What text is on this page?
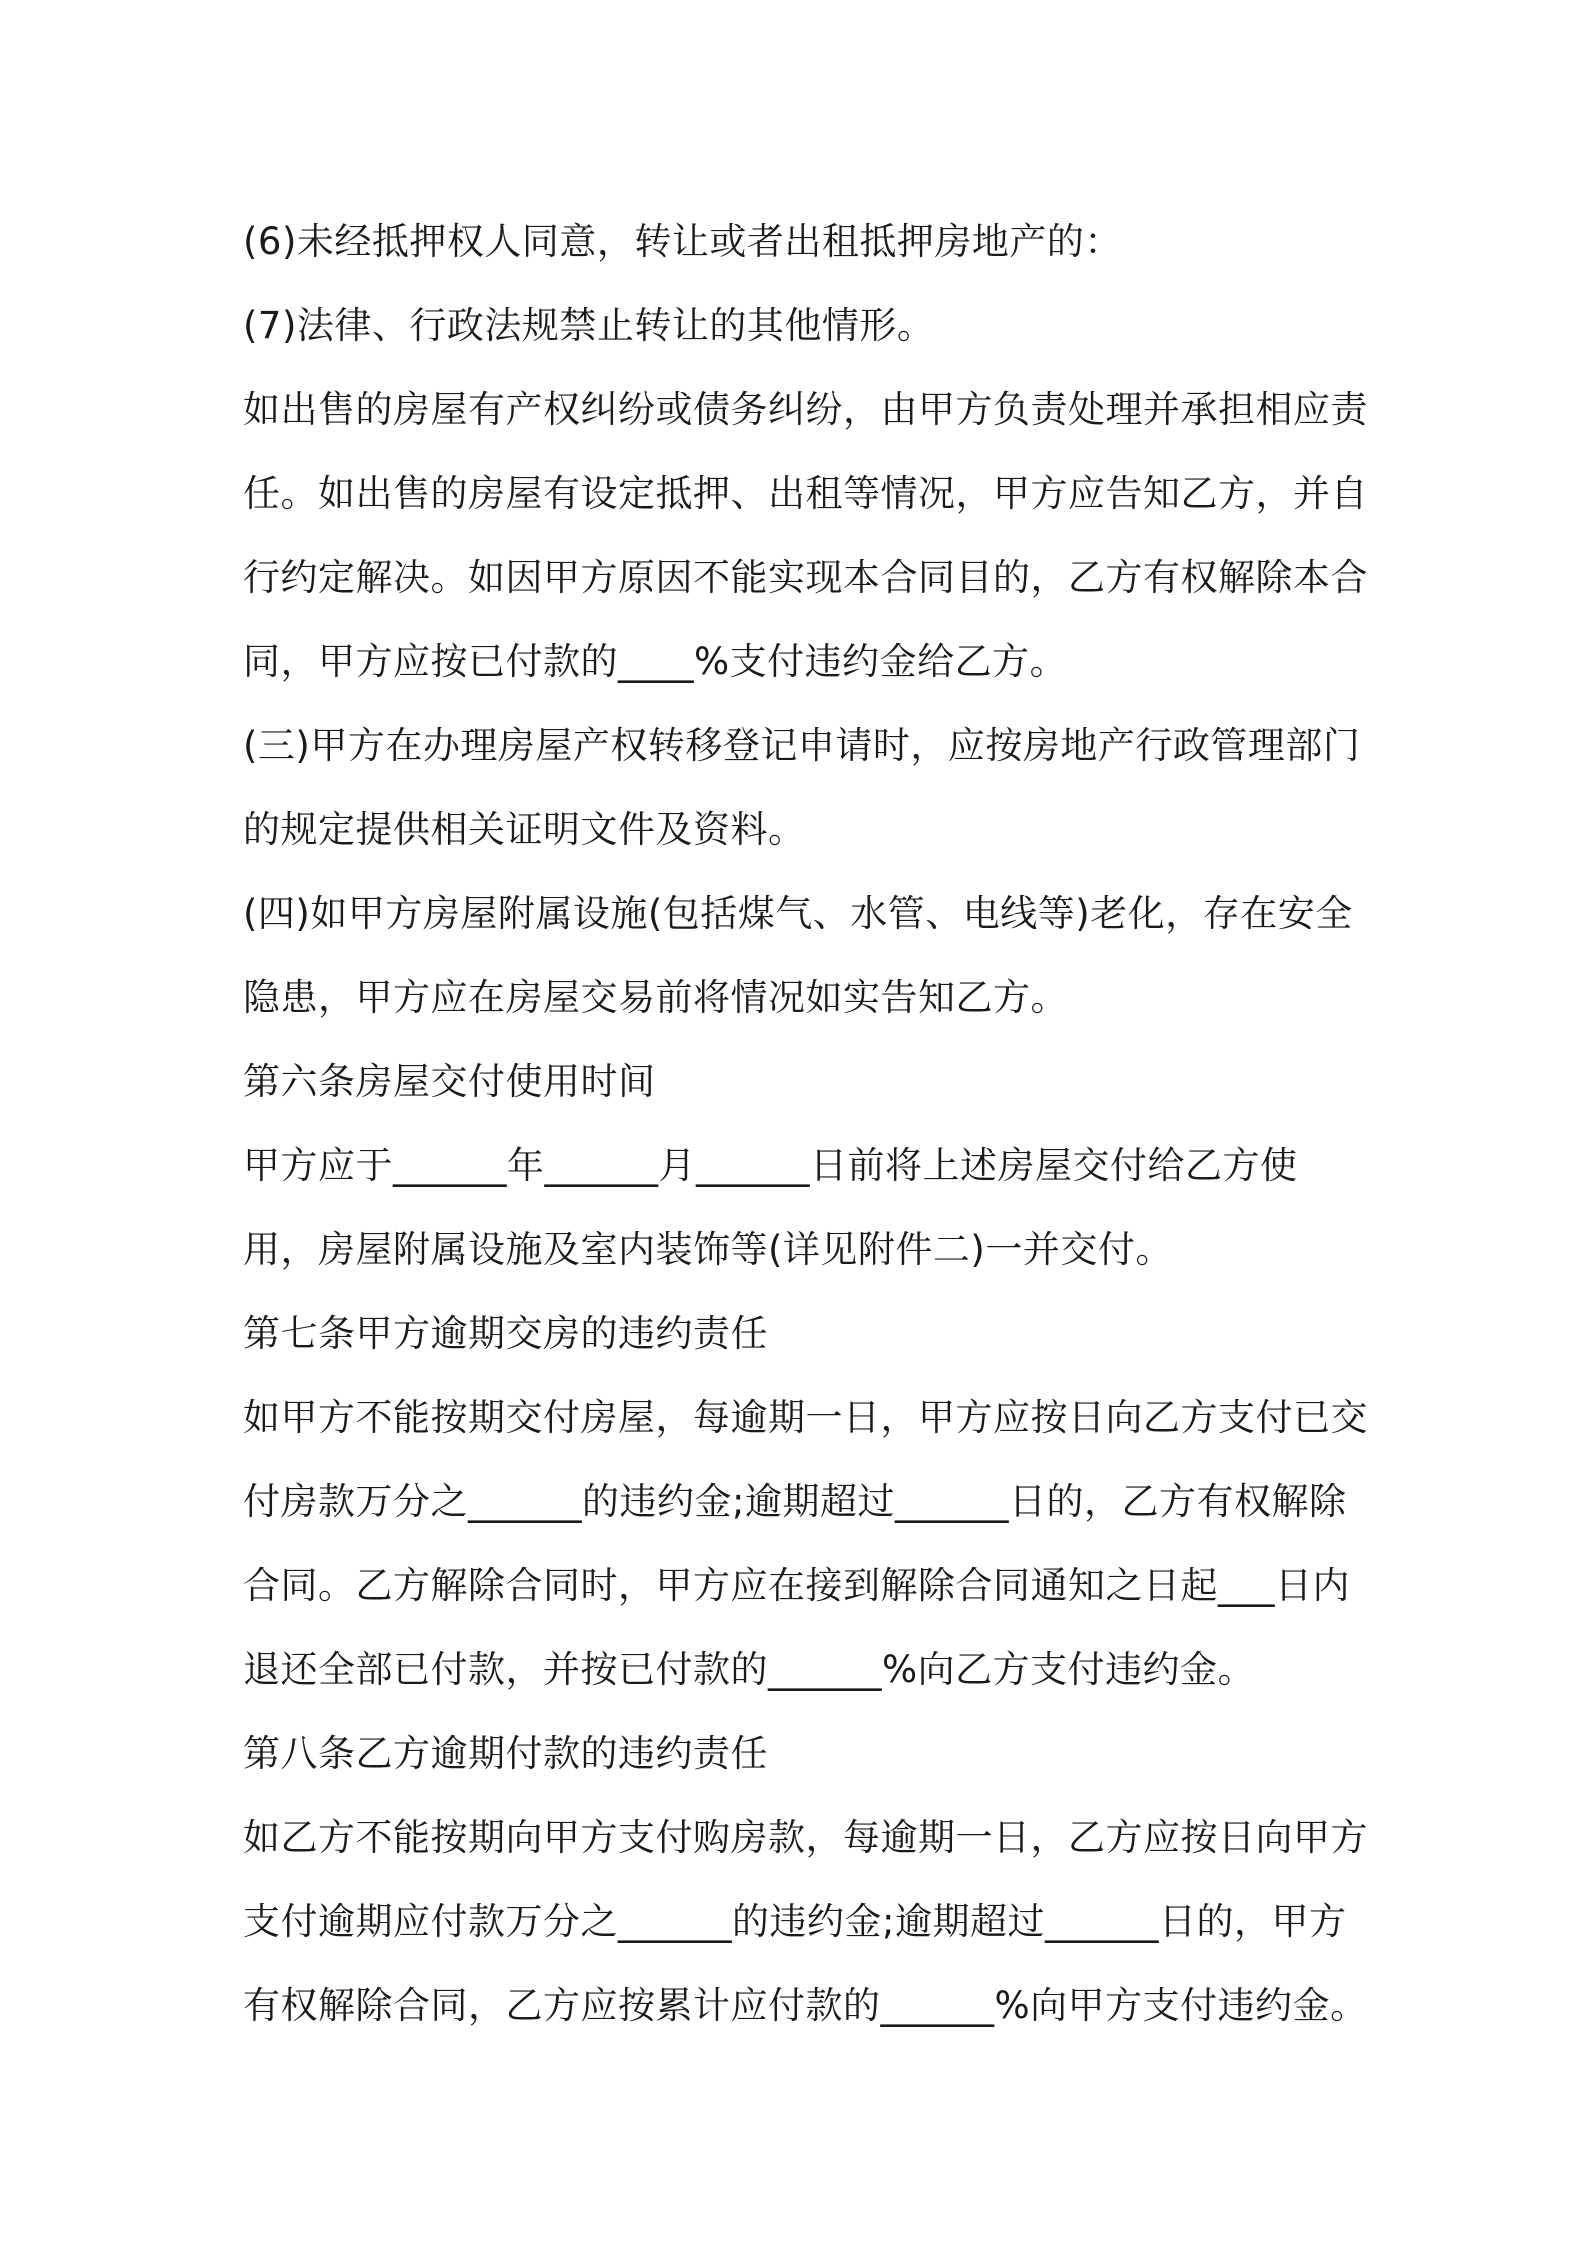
(6)未经抵押权人同意，转让或者出租抵押房地产的：
(7)法律、行政法规禁止转让的其他情形。
如出售的房屋有产权纠纷或债务纠纷，由甲方负责处理并承担相应责
任。如出售的房屋有设定抵押、出租等情况，甲方应告知乙方，并自
行约定解决。如因甲方原因不能实现本合同目的，乙方有权解除本合
同，甲方应按已付款的____%支付违约金给乙方。
(三)甲方在办理房屋产权转移登记申请时，应按房地产行政管理部门
的规定提供相关证明文件及资料。
(四)如甲方房屋附属设施(包括煤气、水管、电线等)老化，存在安全
隐患，甲方应在房屋交易前将情况如实告知乙方。
第六条房屋交付使用时间
甲方应于______年______月______日前将上述房屋交付给乙方使
用，房屋附属设施及室内装饰等(详见附件二)一并交付。
第七条甲方逾期交房的违约责任
如甲方不能按期交付房屋，每逾期一日，甲方应按日向乙方支付已交
付房款万分之______的违约金;逾期超过______日的，乙方有权解除
合同。乙方解除合同时，甲方应在接到解除合同通知之日起___日内
退还全部已付款，并按已付款的______%向乙方支付违约金。
第八条乙方逾期付款的违约责任
如乙方不能按期向甲方支付购房款，每逾期一日，乙方应按日向甲方
支付逾期应付款万分之______的违约金;逾期超过______日的，甲方
有权解除合同，乙方应按累计应付款的______%向甲方支付违约金。
